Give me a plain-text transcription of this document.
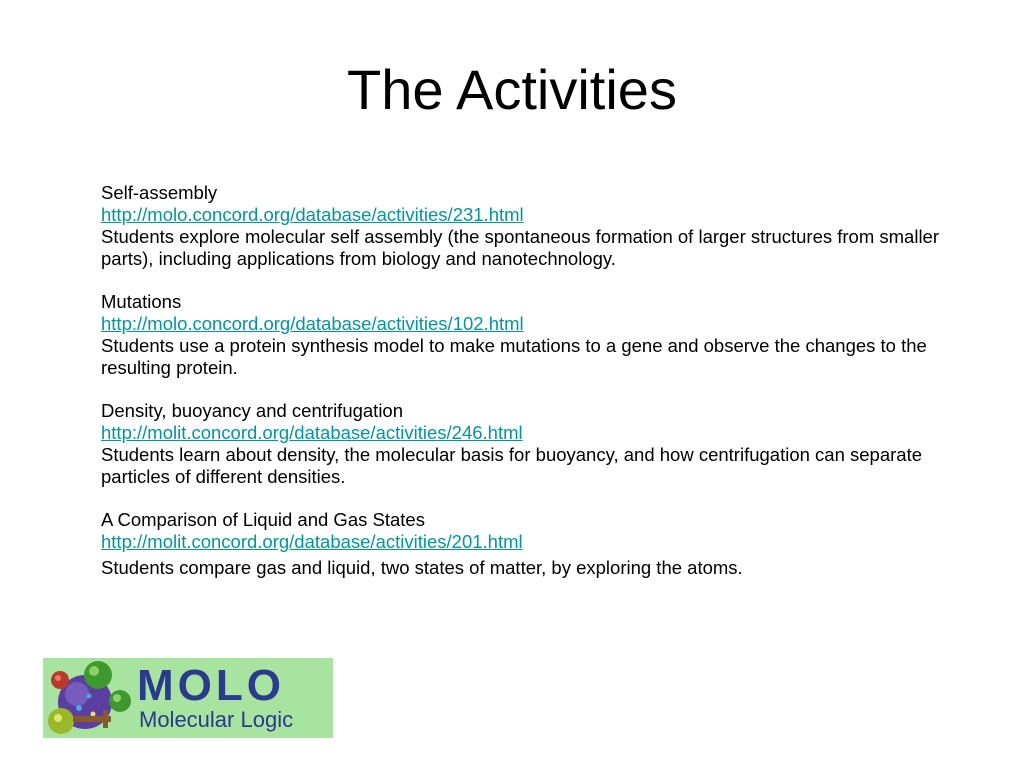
The Activities
Self-assembly
http://molo.concord.org/database/activities/231.html
Students explore molecular self assembly (the spontaneous formation of larger structures from smaller parts), including applications from biology and nanotechnology.
Mutations
http://molo.concord.org/database/activities/102.html
Students use a protein synthesis model to make mutations to a gene and observe the changes to the resulting protein.
Density, buoyancy and centrifugation
http://molit.concord.org/database/activities/246.html
Students learn about density, the molecular basis for buoyancy, and how centrifugation can separate particles of different densities.
A Comparison of Liquid and Gas States
http://molit.concord.org/database/activities/201.html
Students compare gas and liquid, two states of matter, by exploring the atoms.
MOLO
Molecular Logic
